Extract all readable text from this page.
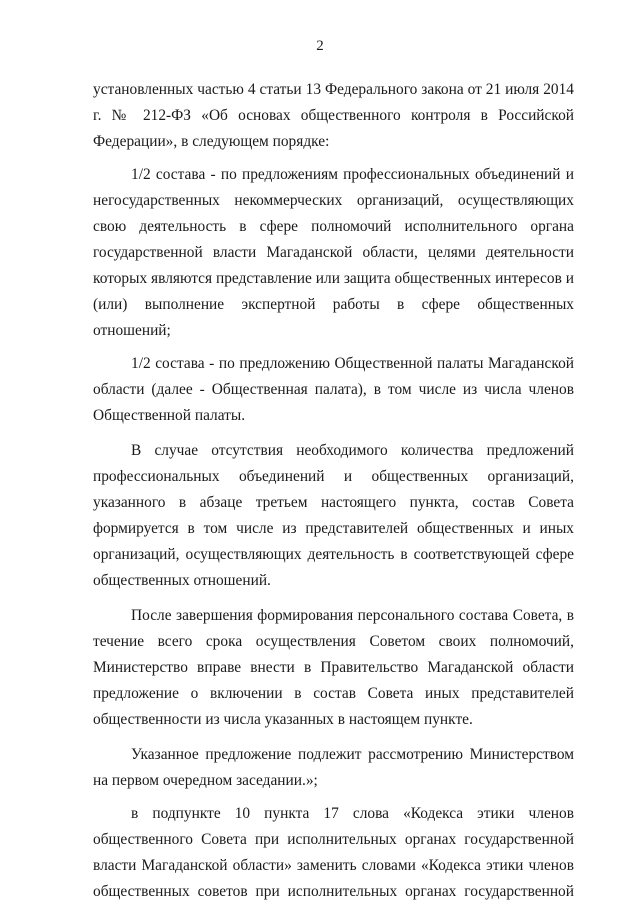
2

установленных частью 4 статьи 13 Федерального закона от 21 июля 2014 г. № 212-ФЗ «Об основах общественного контроля в Российской Федерации», в следующем порядке:

1/2 состава - по предложениям профессиональных объединений и негосударственных некоммерческих организаций, осуществляющих свою деятельность в сфере полномочий исполнительного органа государственной власти Магаданской области, целями деятельности которых являются представление или защита общественных интересов и (или) выполнение экспертной работы в сфере общественных отношений;

1/2 состава - по предложению Общественной палаты Магаданской области (далее - Общественная палата), в том числе из числа членов Общественной палаты.

В случае отсутствия необходимого количества предложений профессиональных объединений и общественных организаций, указанного в абзаце третьем настоящего пункта, состав Совета формируется в том числе из представителей общественных и иных организаций, осуществляющих деятельность в соответствующей сфере общественных отношений.

После завершения формирования персонального состава Совета, в течение всего срока осуществления Советом своих полномочий, Министерство вправе внести в Правительство Магаданской области предложение о включении в состав Совета иных представителей общественности из числа указанных в настоящем пункте.

Указанное предложение подлежит рассмотрению Министерством на первом очередном заседании.»;

в подпункте 10 пункта 17 слова «Кодекса этики членов общественного Совета при исполнительных органах государственной власти Магаданской области» заменить словами «Кодекса этики членов общественных советов при исполнительных органах государственной
